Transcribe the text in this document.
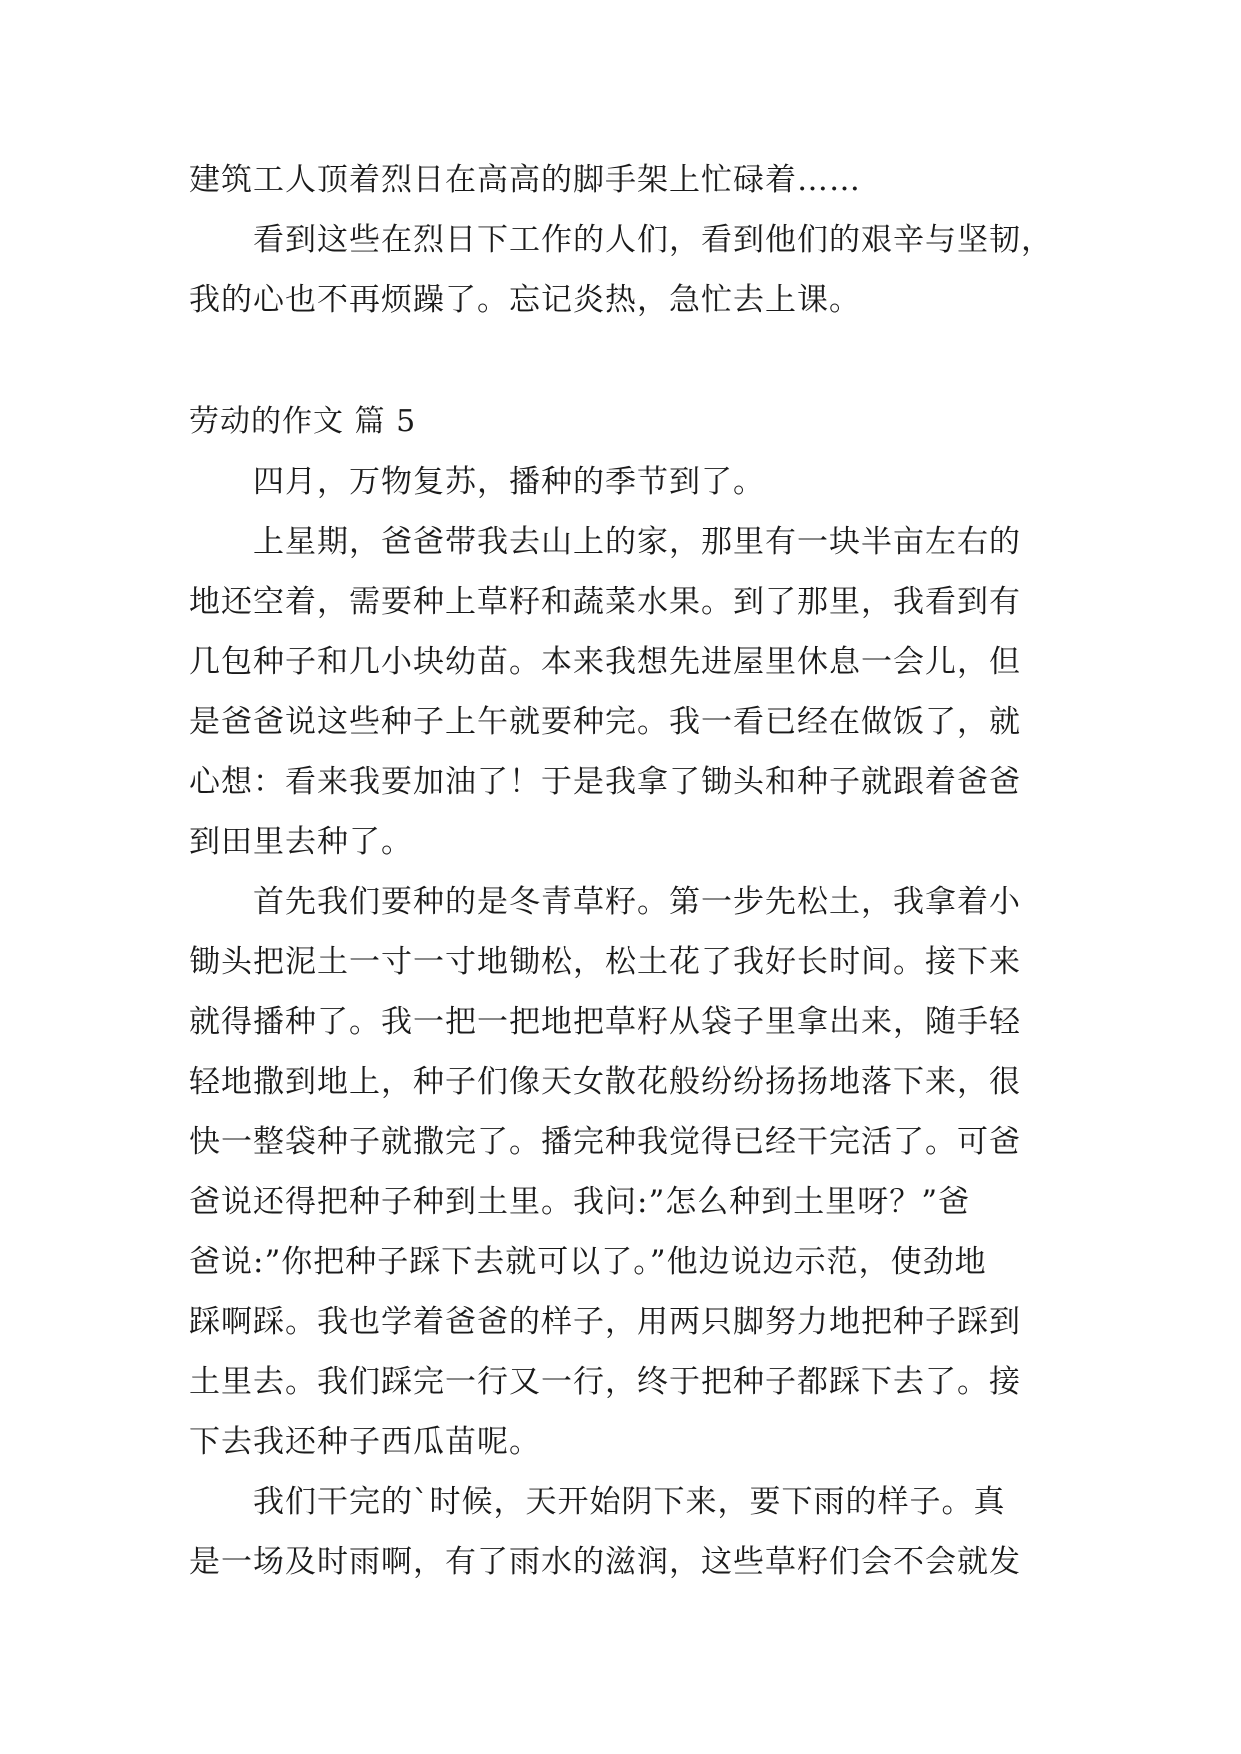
建筑工人顶着烈日在高高的脚手架上忙碌着……
看到这些在烈日下工作的人们，看到他们的艰辛与坚韧，
我的心也不再烦躁了。忘记炎热，急忙去上课。
劳动的作文 篇 5
四月，万物复苏，播种的季节到了。
上星期，爸爸带我去山上的家，那里有一块半亩左右的
地还空着，需要种上草籽和蔬菜水果。到了那里，我看到有
几包种子和几小块幼苗。本来我想先进屋里休息一会儿，但
是爸爸说这些种子上午就要种完。我一看已经在做饭了，就
心想：看来我要加油了！于是我拿了锄头和种子就跟着爸爸
到田里去种了。
首先我们要种的是冬青草籽。第一步先松土，我拿着小
锄头把泥土一寸一寸地锄松，松土花了我好长时间。接下来
就得播种了。我一把一把地把草籽从袋子里拿出来，随手轻
轻地撒到地上，种子们像天女散花般纷纷扬扬地落下来，很
快一整袋种子就撒完了。播完种我觉得已经干完活了。可爸
爸说还得把种子种到土里。我问:”怎么种到土里呀？”爸
爸说:”你把种子踩下去就可以了。”他边说边示范，使劲地
踩啊踩。我也学着爸爸的样子，用两只脚努力地把种子踩到
土里去。我们踩完一行又一行，终于把种子都踩下去了。接
下去我还种子西瓜苗呢。
我们干完的`时候，天开始阴下来，要下雨的样子。真
是一场及时雨啊，有了雨水的滋润，这些草籽们会不会就发
